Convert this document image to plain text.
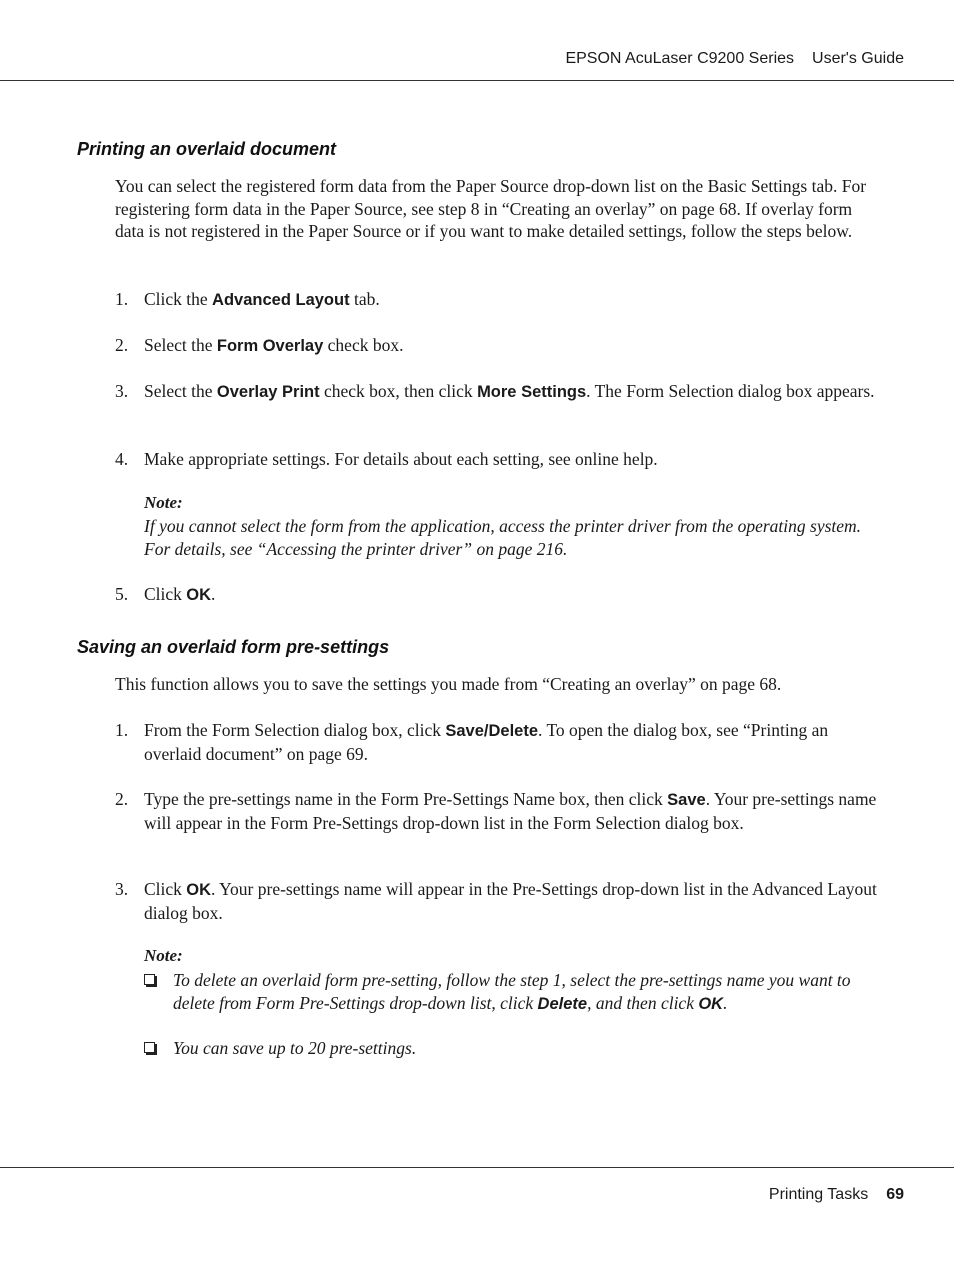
EPSON AcuLaser C9200 Series User's Guide
Printing an overlaid document
You can select the registered form data from the Paper Source drop-down list on the Basic Settings tab. For registering form data in the Paper Source, see step 8 in “Creating an overlay” on page 68. If overlay form data is not registered in the Paper Source or if you want to make detailed settings, follow the steps below.
1. Click the Advanced Layout tab.
2. Select the Form Overlay check box.
3. Select the Overlay Print check box, then click More Settings. The Form Selection dialog box appears.
4. Make appropriate settings. For details about each setting, see online help.
Note:
If you cannot select the form from the application, access the printer driver from the operating system. For details, see “Accessing the printer driver” on page 216.
5. Click OK.
Saving an overlaid form pre-settings
This function allows you to save the settings you made from “Creating an overlay” on page 68.
1. From the Form Selection dialog box, click Save/Delete. To open the dialog box, see “Printing an overlaid document” on page 69.
2. Type the pre-settings name in the Form Pre-Settings Name box, then click Save. Your pre-settings name will appear in the Form Pre-Settings drop-down list in the Form Selection dialog box.
3. Click OK. Your pre-settings name will appear in the Pre-Settings drop-down list in the Advanced Layout dialog box.
Note:
To delete an overlaid form pre-setting, follow the step 1, select the pre-settings name you want to delete from Form Pre-Settings drop-down list, click Delete, and then click OK.
You can save up to 20 pre-settings.
Printing Tasks 69
